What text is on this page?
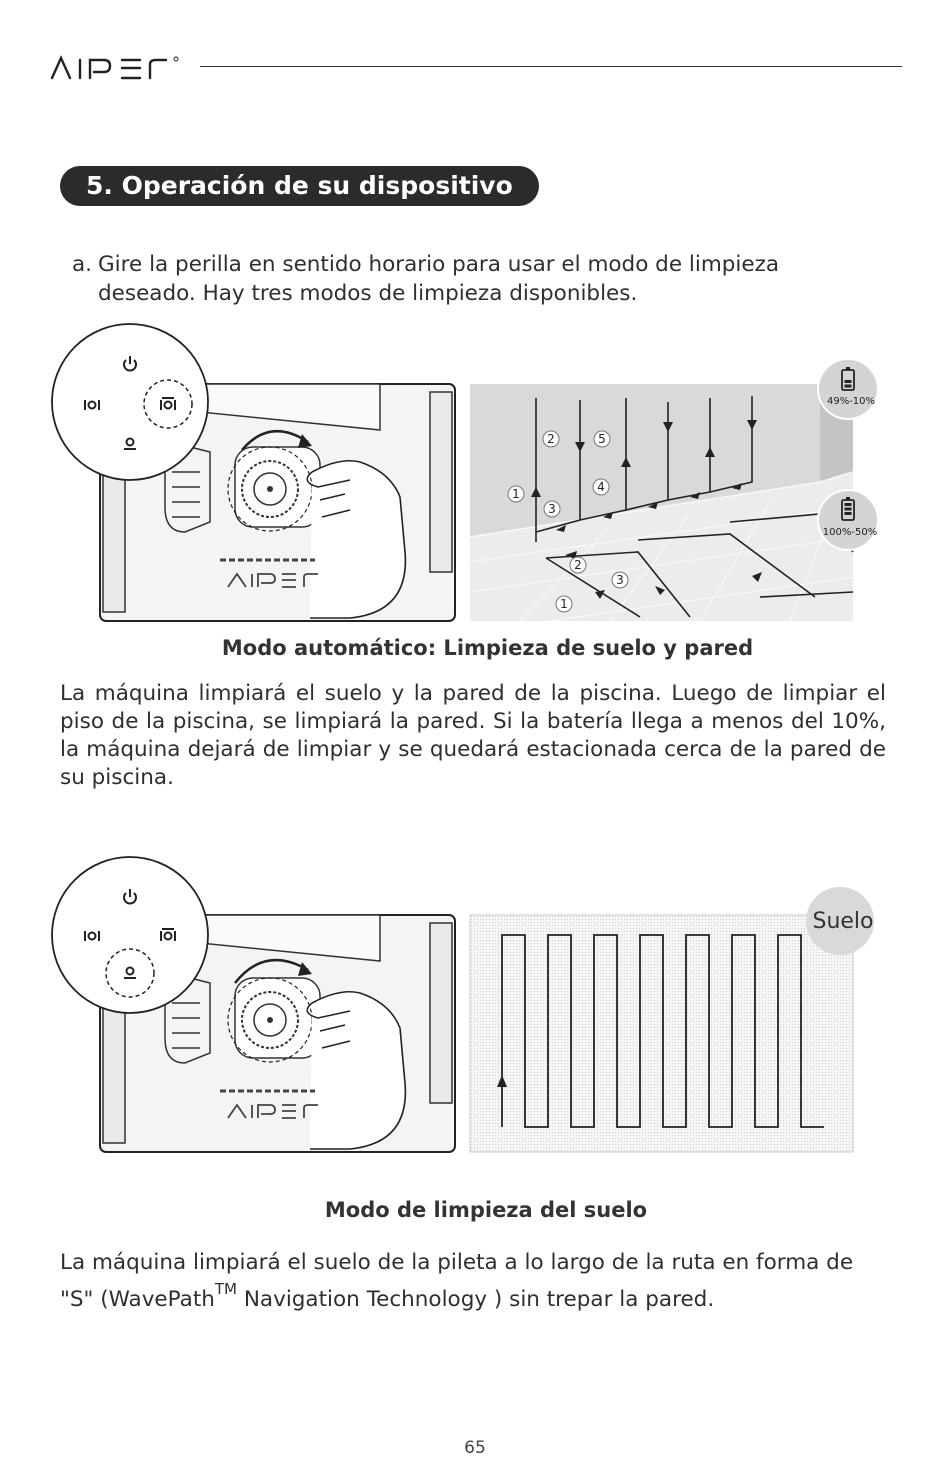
5. Operación de su dispositivo
a. Gire la perilla en sentido horario para usar el modo de limpieza
deseado. Hay tres modos de limpieza disponibles.
1
2
3
4
5
1
2
3
49%-10%
100%-50%
Modo automático: Limpieza de suelo y pared
La máquina limpiará el suelo y la pared de la piscina. Luego de limpiar el piso de la piscina, se limpiará la pared. Si la batería llega a menos del 10%, la máquina dejará de limpiar y se quedará estacionada cerca de la pared de su piscina.
Suelo
Modo de limpieza del suelo
La máquina limpiará el suelo de la pileta a lo largo de la ruta en forma de "S" (WavePath™ Navigation Technology ) sin trepar la pared.
65
